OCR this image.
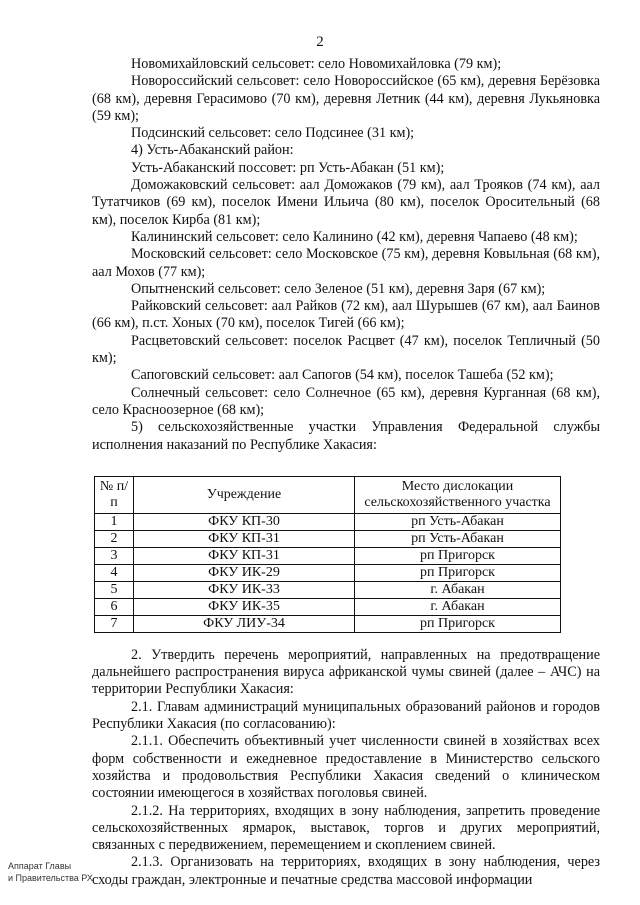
2

Новомихайловский сельсовет: село Новомихайловка (79 км);

Новороссийский сельсовет: село Новороссийское (65 км), деревня Берёзовка (68 км), деревня Герасимово (70 км), деревня Летник (44 км), деревня Лукьяновка (59 км);

Подсинский сельсовет: село Подсинее (31 км);

4) Усть-Абаканский район:

Усть-Абаканский поссовет: рп Усть-Абакан (51 км);

Доможаковский сельсовет: аал Доможаков (79 км), аал Трояков (74 км), аал Тутатчиков (69 км), поселок Имени Ильича (80 км), поселок Оросительный (68 км), поселок Кирба (81 км);

Калининский сельсовет: село Калинино (42 км), деревня Чапаево (48 км);

Московский сельсовет: село Московское (75 км), деревня Ковыльная (68 км), аал Мохов (77 км);

Опытненский сельсовет: село Зеленое (51 км), деревня Заря (67 км);

Райковский сельсовет: аал Райков (72 км), аал Шурышев (67 км), аал Баинов (66 км), п.ст. Хоных (70 км), поселок Тигей (66 км);

Расцветовский сельсовет: поселок Расцвет (47 км), поселок Тепличный (50 км);

Сапоговский сельсовет: аал Сапогов (54 км), поселок Ташеба (52 км);

Солнечный сельсовет: село Солнечное (65 км), деревня Курганная (68 км), село Красноозерное (68 км);

5) сельскохозяйственные участки Управления Федеральной службы исполнения наказаний по Республике Хакасия:

№ п/п	Учреждение	Место дислокации сельскохозяйственного участка
1	ФКУ КП-30	рп Усть-Абакан
2	ФКУ КП-31	рп Усть-Абакан
3	ФКУ КП-31	рп Пригорск
4	ФКУ ИК-29	рп Пригорск
5	ФКУ ИК-33	г. Абакан
6	ФКУ ИК-35	г. Абакан
7	ФКУ ЛИУ-34	рп Пригорск

2. Утвердить перечень мероприятий, направленных на предотвращение дальнейшего распространения вируса африканской чумы свиней (далее – АЧС) на территории Республики Хакасия:

2.1. Главам администраций муниципальных образований районов и городов Республики Хакасия (по согласованию):

2.1.1. Обеспечить объективный учет численности свиней в хозяйствах всех форм собственности и ежедневное предоставление в Министерство сельского хозяйства и продовольствия Республики Хакасия сведений о клиническом состоянии имеющегося в хозяйствах поголовья свиней.

2.1.2. На территориях, входящих в зону наблюдения, запретить проведение сельскохозяйственных ярмарок, выставок, торгов и других мероприятий, связанных с передвижением, перемещением и скоплением свиней.

2.1.3. Организовать на территориях, входящих в зону наблюдения, через сходы граждан, электронные и печатные средства массовой информации

Аппарат Главы
и Правительства РХ
